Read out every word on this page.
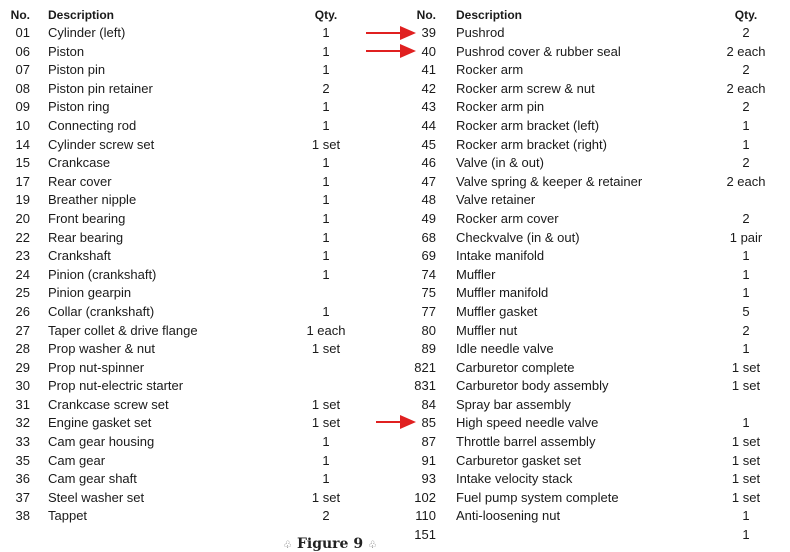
No. Description	Qty.
01 Cylinder (left)	1
06 Piston	1
07 Piston pin	1
08 Piston pin retainer	2
09 Piston ring	1
10 Connecting rod	1
14 Cylinder screw set	1 set
15 Crankcase	1
17 Rear cover	1
19 Breather nipple	1
20 Front bearing	1
22 Rear bearing	1
23 Crankshaft	1
24 Pinion (crankshaft)	1
25 Pinion gearpin
26 Collar (crankshaft)	1
27 Taper collet & drive flange	1 each
28 Prop washer & nut	1 set
29 Prop nut-spinner
30 Prop nut-electric starter
31 Crankcase screw set	1 set
32 Engine gasket set	1 set
33 Cam gear housing	1
35 Cam gear	1
36 Cam gear shaft	1
37 Steel washer set	1 set
38 Tappet	2
No. Description	Qty.
39 Pushrod	2
40 Pushrod cover & rubber seal	2 each
41 Rocker arm	2
42 Rocker arm screw & nut	2 each
43 Rocker arm pin	2
44 Rocker arm bracket (left)	1
45 Rocker arm bracket (right)	1
46 Valve (in & out)	2
47 Valve spring & keeper & retainer	2 each
48 Valve retainer
49 Rocker arm cover	2
68 Checkvalve (in & out)	1 pair
69 Intake manifold	1
74 Muffler	1
75 Muffler manifold	1
77 Muffler gasket	5
80 Muffler nut	2
89 Idle needle valve	1
821 Carburetor complete	1 set
831 Carburetor body assembly	1 set
84 Spray bar assembly
85 High speed needle valve	1
87 Throttle barrel assembly	1 set
91 Carburetor gasket set	1 set
93 Intake velocity stack	1 set
102 Fuel pump system complete	1 set
110 Anti-loosening nut	1
151	1
♧ Figure 9 ♧
